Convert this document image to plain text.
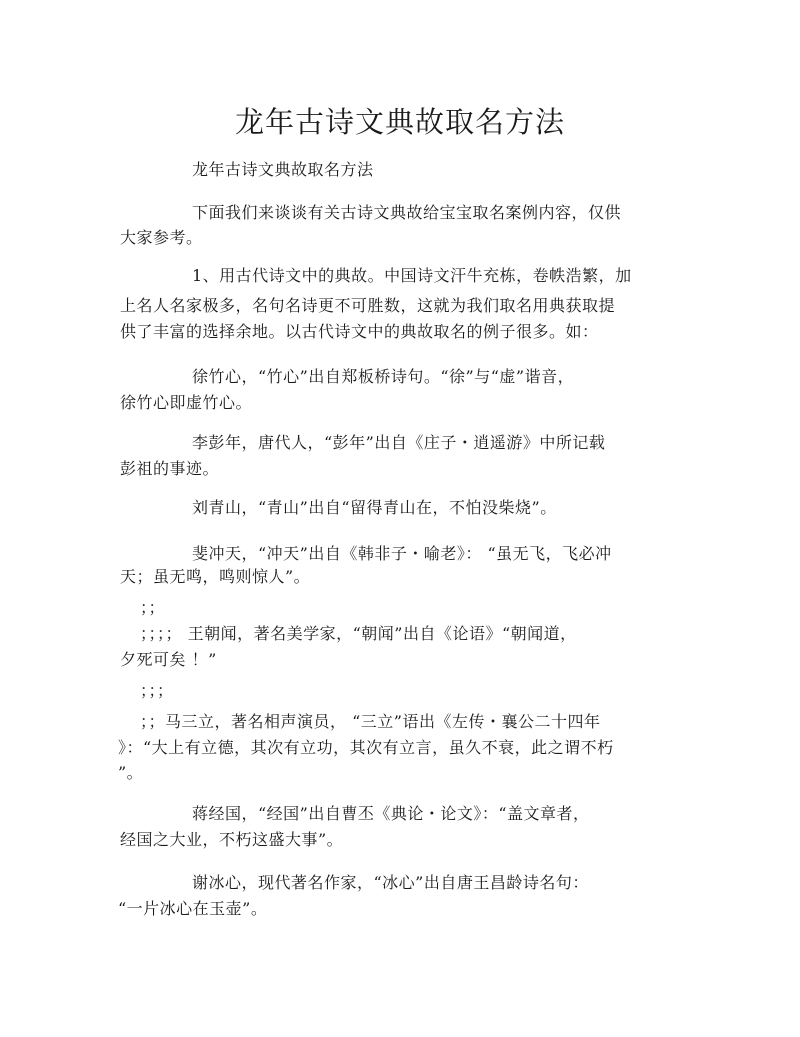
龙年古诗文典故取名方法
龙年古诗文典故取名方法
下面我们来谈谈有关古诗文典故给宝宝取名案例内容，仅供
大家参考。
1、用古代诗文中的典故。中国诗文汗牛充栋，卷帙浩繁，加
上名人名家极多，名句名诗更不可胜数，这就为我们取名用典获取提
供了丰富的选择余地。以古代诗文中的典故取名的例子很多。如：
徐竹心，“竹心”出自郑板桥诗句。“徐”与“虚”谐音，
徐竹心即虚竹心。
李彭年，唐代人，“彭年”出自《庄子・逍遥游》中所记载
彭祖的事迹。
刘青山，“青山”出自“留得青山在，不怕没柴烧”。
斐冲天，“冲天”出自《韩非子・喻老》： “虽无飞，飞必冲
天；虽无鸣，鸣则惊人”。
；；
；；；； 王朝闻，著名美学家，“朝闻”出自《论语》“朝闻道，
夕死可矣 ！”
；；；
；；马三立，著名相声演员， “三立”语出《左传・襄公二十四年
》：“大上有立德，其次有立功，其次有立言，虽久不衰，此之谓不朽
”。
蒋经国，“经国”出自曹丕《典论・论文》：“盖文章者，
经国之大业，不朽这盛大事”。
谢冰心，现代著名作家，“冰心”出自唐王昌龄诗名句：
“一片冰心在玉壶”。
